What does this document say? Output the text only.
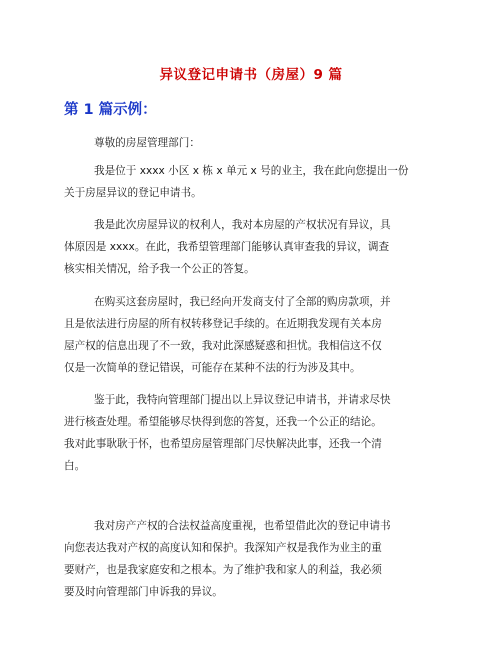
异议登记申请书（房屋）9 篇
第 1 篇示例：
尊敬的房屋管理部门：
我是位于 xxxx 小区 x 栋 x 单元 x 号的业主，我在此向您提出一份
关于房屋异议的登记申请书。
我是此次房屋异议的权利人，我对本房屋的产权状况有异议，具
体原因是 xxxx。在此，我希望管理部门能够认真审查我的异议，调查
核实相关情况，给予我一个公正的答复。
在购买这套房屋时，我已经向开发商支付了全部的购房款项，并
且是依法进行房屋的所有权转移登记手续的。在近期我发现有关本房
屋产权的信息出现了不一致，我对此深感疑惑和担忧。我相信这不仅
仅是一次简单的登记错误，可能存在某种不法的行为涉及其中。
鉴于此，我特向管理部门提出以上异议登记申请书，并请求尽快
进行核查处理。希望能够尽快得到您的答复，还我一个公正的结论。
我对此事耿耿于怀，也希望房屋管理部门尽快解决此事，还我一个清
白。
我对房产产权的合法权益高度重视，也希望借此次的登记申请书
向您表达我对产权的高度认知和保护。我深知产权是我作为业主的重
要财产，也是我家庭安和之根本。为了维护我和家人的利益，我必须
要及时向管理部门申诉我的异议。
